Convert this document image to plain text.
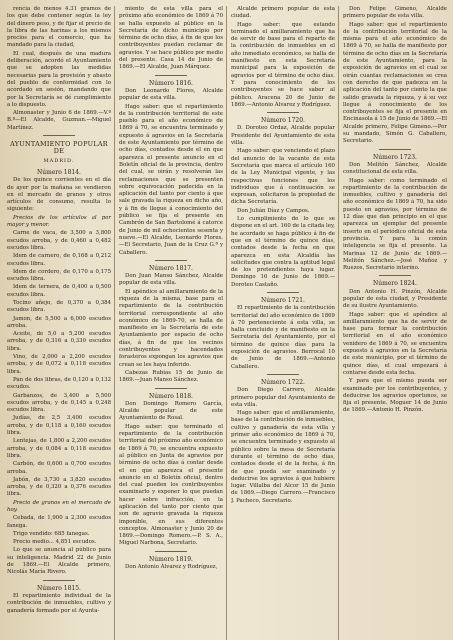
rencia de menos 4.31 gramos de los que debe contener según la ley del dinero peso, y de fijar el precio de la libra de las harinas a los mismos precios para el comercio, que ha mandado para la ciudad,

El cual, después de una madura deliberación, acordó el Ayuntamiento que se adopten las medidas necesarias para la provisión y abasto del pueblo de conformidad con lo acordado en sesión, mandando que por la Secretaría se dé cumplimiento a lo dispuesto.

Almonaster y Junio 6 de 1869.—V.º B.º—El Alcalde, Guzman.—Miguel Martínez.

AYUNTAMIENTO POPULAR DE
MADRID.
Número 1814.

De los quince corrientes en el día de ayer por la mañana se vendieron en el mercado de granos y otros artículos de consumo, resulta lo siguiente:

Precios de los artículos al por mayor y menor.

Carne de vaca, de 3,500 a 3,800 escudos arroba, y de 0,460 a 0,482 escudos libra.

Idem de carnero, de 0,168 a 0,212 escudos libra.

Idem de cordero, de 0,170 a 0,175 escudos libra.

Idem de ternera, de 0,400 a 0,500 escudos libra.

Tocino añejo, de 0,370 a 0,384 escudos libra.

Jamon, de 5,500 a 6,000 escudos arroba.

Aceite, de 5,0 a 5,200 escudos arroba, y de 0,316 a 0,330 escudos libra.

Vino, de 2,000 a 2,200 escudos arroba, y de 0,072 a 0,118 escudos libra.

Pan de dos libras, de 0,120 a 0,132 escudos.

Garbanzos, de 3,400 a 5,500 escudos arroba, y de 0,145 a 0,248 escudos libra.

Judías, de 2,5 3,400 escudos arroba, y de 0,118 a 0,160 escudos libra.

Lentejas, de 1,800 a 2,200 escudos arroba, y de 0,084 a 0,118 escudos libra.

Carbón, de 0,600 a 0,700 escudos arroba.

Jabón, de 3,730 a 3,820 escudos arroba, y de 0,320 a 0,376 escudos libra.

Precio de granos en el mercado de hoy.

Cebada, de 1,900 a 2,300 escudos fanega.

Trigo vendido: 685 fanegas.

Precio medio... 4,851 escudos.

Lo que se anuncia al público para su inteligencia. Madrid 22 de Junio de 1869.—El Alcalde primero, Nicolás María Rivero.

Número 1815.

El repartimiento individual de la contribución de inmuebles, cultivo y ganadería formado por el Ayunta-

miento de esta villa para el próximo año económico de 1869 á 70 se halla expuesto al público en la Secretaría de dicho municipio por término de ocho días, á fin de que los contribuyentes puedan reclamar de agravios. Y se hace público por medio del presente. Casa 14 de Junio de 1869.—El Alcalde, Juan Márquez.

Número 1816.

Don Leonardo Flores, Alcalde popular de esta villa.

Hago saber: que el repartimiento de la contribución territorial de este pueblo para el año económico de 1869 á 70, se encuentra terminado y expuesto á agravios en la Secretaría de este Ayuntamiento por término de ocho días, contados desde el en que aparezca el presente anuncio en el Boletín oficial de la provincia, dentro del cual, se oirán y resolverán las reclamaciones que se presenten sobre equivocación padecida en la aplicación del tanto por ciento á que sale gravada la riqueza en dicho año, y á fin de llegue á conocimiento del público se fija el presente en Cambrón de San Bartolomé á catorce de Junio de mil ochocientos sesenta y nueve.—El Alcalde, Leonardo Flores.—El Secretario, Juan de la Cruz G.ª y Caballero.

Número 1817.

Don Juan Manso Sánchez, Alcalde popular de esta villa.

El apéndice al amillaramiento de la riqueza de la misma, base para el repartimiento de la contribución territorial correspondiente al año económico de 1869-70, se halla de manifiesto en la Secretaría de este Ayuntamiento por espacio de ocho días, á fin de que los vecinos contribuyentes y hacendados forasteros expongan los agravios que crean se les haya inferido.

Cabezas Rubias 15 de Junio de 1869.—Juan Manso Sánchez.

Número 1818.

Don Domingo Romero García, Alcalde popular de este Ayuntamiento de Rosal.

Hago saber: que terminado el repartimiento de la contribución territorial del próximo año económico de 1869 á 70, se encuentra expuesto al público en Junta de agravios por término de ocho días á contar desde el en que aparezca el presente anuncio en el Boletín oficial, dentro del cual pueden los contribuyentes examinarlo y exponer lo que puedan hacer sobre infracción, en la aplicación del tanto por ciento que son de agravio gravada la riqueza imponible, en sus diferentes conceptos. Almonaster y Junio 20 de 1869.—Domingo Romero.—P. S. A., Miguel Narbona, Secretario.

Número 1819.

Don Antonio Álvarez y Rodríguez,

Alcalde primero popular de esta ciudad.

Hago saber: que estando terminado el amillaramiento que ha de servir de base para el reparto de la contribución de inmuebles en el año inmediato económico, se halla de manifiesto en esta Secretaría municipal para la exposición de agravios por el término de ocho días. Y para conocimiento de los contribuyentes se hace saber al público. Aracena 20 de Junio de 1869.—Antonio Álvarez y Rodríguez.

Número 1720.

D. Doroteo Ordaz, Alcalde popular Presidente del Ayuntamiento de esta villa.

Hago saber: que venciendo el plazo del anuncio de la vacante de esta Secretaría que marca el artículo 160 de la Ley Municipal vigente, y las respectivas funciones que los individuos que á continuación se expresan, solicitaron la propiedad de dicha Secretaría.

Don Julián Díaz y Campos.

Lo cumplimiento de lo que se dispone en el art. 160 de la citada ley, he acordado se haga público á fin de que en el término de quince días, contados desde la fecha en que aparezca en esta Alcaldía las solicitudes que contra la aptitud legal de los pretendientes haya lugar. Domingo 16 de Junio de 1869.—Doroteo Castaño.

Número 1721.

El repartimiento de la contribución territorial del año económico de 1869 á 70 perteneciente á esta villa, se halla concluido y de manifiesto en la Secretaría del Ayuntamiento, por el término de quince días para la exposición de agravios. Berrocal 10 de Junio de 1869.—Antonio Caballero.

Número 1722.

Don Diego Carrero, Alcalde primero popular del Ayuntamiento de esta villa.

Hago saber: que el amillaramiento, base de la contribución de inmuebles, cultivo y ganadería de esta villa y primer año económico de 1869 á 70, se encuentra terminado y expuesto al público sobre la mesa de Secretaría durante el término de ocho días, contados desde el de la fecha, á fin de que pueda ser examinado y deducirse los agravios á que hubiere lugar. Villalba del Alcor 15 de Junio de 1869.—Diego Carrero.—Francisco J. Pacheco, Secretario.

Don Felipe Gimeno, Alcalde primero popular de esta villa.

Hago saber: que el repartimiento de la contribución territorial de la misma para el año económico de 1869 á 70, se halla de manifiesto por término de ocho días en la Secretaría de este Ayuntamiento, para la exposición de agravios en el cual se oirán cuantas reclamaciones se crea con derecho de que padezca en la aplicación del tanto por ciento la que salido gravada la riqueza, y á su vez llegue á conocimiento de los contribuyentes se fija el presente en Encinasola á 15 de Junio de 1869.—El Alcalde primero, Felipe Gimeno.—Por su mandado, Simón G. Caballero, Secretario.

Número 1723.

Don Melitón Sánchez, Alcalde constitucional de esta villa.

Hago saber: como terminado el repartimiento de la contribución de inmuebles, cultivo y ganadería del año económico de 1869 á 70, ha sido puesto en agravios, por término de 12 días que dan principio en el que aparezca un ejemplar del presente inserto en el periódico oficial de esta provincia. Y para la común inteligencia se fija el presente. La Marinas 12 de Junio de 1869.—Melitón Sánchez.—José Muñoz y Ruezos, Secretario interino.

Número 1824.

Don Antonio H. Pinzón, Alcalde popular de esta ciudad, y Presidente de su ilustre Ayuntamiento.

Hago saber: que el apéndice al amillaramiento que ha de servir de base para formar la contribución territorial en el año económico venidero de 1869 á 70, se encuentra expuesto á agravios en la Secretaría de este municipio, por el término de quince días, el cual empezará á contarse desde esta fecha.

Y para que el mismo pueda ser examinado por los contribuyentes, y deducirse los agravios oportunos, se fija el presente. Moguer 14 de Junio de 1869.—Antonio H. Pinzón.
